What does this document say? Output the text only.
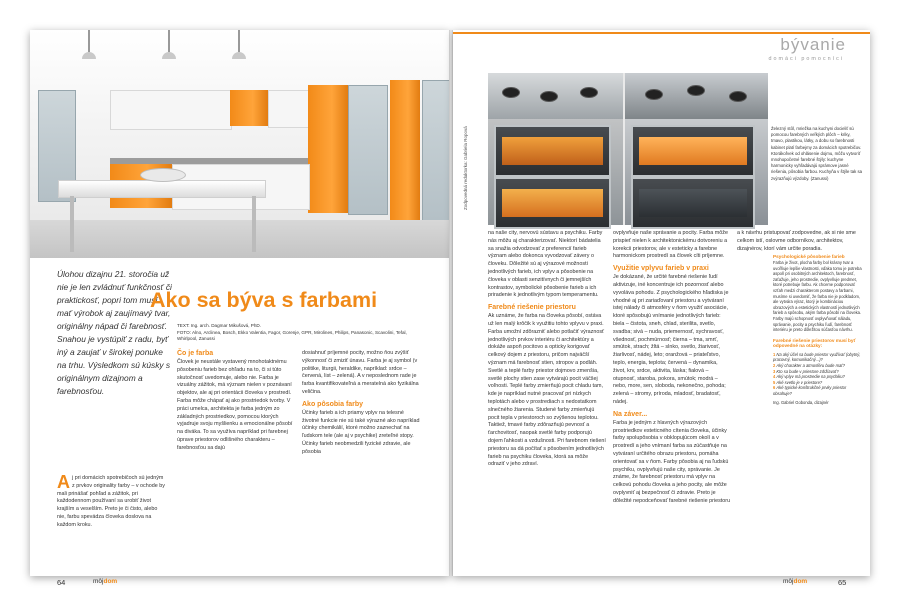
Úlohou dizajnu 21. storočia už nie je len zvládnuť funkčnosť či praktickosť, popri tom musí mať výrobok aj zaujímavý tvar, originálny nápad či farebnosť. Snahou je vystúpiť z radu, byť iný a zaujať v širokej ponuke na trhu. Výsledkom sú kúsky s originálnym dizajnom a farebnosťou.
Ako sa býva s farbami
TEXT: Ing. arch. Dagmar Mikušová, PhD.
FOTO: Alno, Arclinea, Bosch, Ekko Valentia, Fagor, Gorenje, GPR, Mirolines, Philips, Panasonic, Scavolini, Tefal, Whirlpool, Zanussi
A j pri domácich spotrebičoch sú jedným z prvkov originality farby – v ochode by mali prinášať pohľad a zážitok, pri každodennom používaní sa urobiť život krajším a veselším. Preto je či čisto, alebo nie, farbu spevádza človeka doslova na každom kroku.
Čo je farba
Človek je neustále vystavený mnohotaktnému pôsobeniu farieb bez ohľadu na to, či si túto skutočnosť uvedomuje, alebo nie. Farba je vizuálny zážitok, má význam nielen v poznávaní objektov, ale aj pri orientácii človeka v prostredí. Farba môže chápať aj ako prostriedok tvorby. V práci umelca, architekta je farba jedným zo základných prostriedkov, pomocou ktorých vyjadruje svoju myšlienku a emocionálne pôsobí na diváka. To sa využíva napríklad pri farebnej úprave priestorov odlišného charakteru – farebnosťou sa dajú
dosiahnuť príjemné pocity, možno ňou zvýšiť výkonnosť či zmiziť únavu. Farba je aj symbol (v politike, liturgii, heraldike, napríklad: srdce – červená, list – zelená). A v neposlednom rade je farba kvantifikovateľná a meratelná ako fyzikálna veličina.
Ako pôsobia farby
Účinky farieb a ich priamy vplyv na telesné životné funkcie nie sú také výrazné ako napríklad účinky chemikálií, ktoré možno zaznechať na ľudskom tele (ale aj v psychike) zreteľné stopy. Účinky farieb neobmedzili fyzické zdravie, ale pôsobia
64	môjdom
bývanie
domáci pomocníci
Zodpovedná redaktorka: Gabriela Ropová	Železný stôl, mriežka na kuchyni docieliť sú pomocou farebných veľkých plôch – kriky, tmavo, plastikou, látky, a dobu so farebnosti kabinet platí farbejmy za domácich spotrebičov. Ktorákoľvek od ohlásenie dojmu, môžu vytvoriť mnohopočetné farebné štýly: kuchyne harmonicky vyhľadávajú sprámove jasné riešenia, pôsobia farbou. Kuchyňa v štýle tak sa zvýrazňujú výzdoby. (Zanussi)
na naše city, nervovú sústavu a psychiku. Farby nás môžu aj charakterizovať. Niektorí bádatelia sa snažia odvodzovať z preferencií farieb význam alebo dokonca vyvodzovať závery o človeku. Dôležité sú aj výrazové možnosti jednotlivých farieb, ich vplyv a pôsobenie na človeka v oblasti senzitívnych či jemnejších kontrastov, symbolické pôsobenie farieb a ich priradenie k jednotlivým typom temperamentu.
Farebné riešenie priestoru
Ak uznáme, že farba na človeka pôsobí, ostáva už len malý krôčik k využitiu tohto vplyvu v praxi. Farba umožní zdôrazniť alebo potlačiť výraznosť jednotlivých prvkov interiéru či architektúry a dokáže aspoň pocitovo a opticky korigovať celkový dojem z priestoru, pričom najväčší význam má farebnosť stien, stropov a podláh. Svetlé a teplé farby priestor dojmovo zmenšia, svetlé plochy stien zase vytvárajú pocit väčšej voľnosti. Teplé farby zmierňujú pocit chladu tam, kde je napríklad nutné pracovať pri nízkych teplotách alebo v prostrediach s nedostatkom slnečného žiarenia. Studené farby zmierňujú pocit tepla v priestoroch so zvýšenou teplotou. Taktiež, tmavé farby zdôrazňujú pevnosť a ťarchovitosť, naopak svetlé farby podporujú dojem ľahkosti a vzdušnosti. Pri farebnom riešení priestoru sa dá počítať s pôsobením jednotlivých farieb na psychiku človeka, ktorá sa môže odraziť v jeho zdraví.
ovplyvňuje naše správanie a pocity. Farba môže prispieť nielen k architektonickému dotvoreniu a korekcii priestorov, ale v esteticky a farebne harmonickom prostredí sa človek cíti príjemne.
Využitie vplyvu farieb v praxi
Je dokázané, že určité farebné riešenie ľudí aktivizuje, iné koncentruje ich pozornosť alebo vyvoláva pohodu. Z psychologického hľadiska je vhodné aj pri zariaďovaní priestoru a vytváraní istej nálady či atmosféry v ňom využiť asociácie, ktoré spôsobujú vnímanie jednotlivých farieb: biela – čistota, sneh, chlad, sterilita, svetlo, svadba; sivá – nuda, priemernosť, sychravosť, všednosť, pochmúrnosť; čierna – tma, smrť, smútok, strach; žltá – slnko, svetlo, žiarivosť, žiarlivosť, nádej, leto; oranžová – priateľstvo, teplo, energia, teplota; červená – dynamika, život, krv, srdce, aktivita, láska; fialová – otupnosť, staroba, pokora, smútok; modrá – nebo, more, sen, sloboda, nekonečno, pohoda; zelená – stromy, príroda, mladosť, bradatosť, nádej.
Na záver...
Farba je jedným z hlavných výrazových prostriedkov esteticného cítenia človeka, účinky farby spolupôsobia v obklopujúcom okolí a v prostredí a jeho vnímaní farba sa zúčastňuje na vytváraní určitého obrazu priestoru, pomáha orientovať sa v ňom. Farby pôsobia aj na ľudskú psychiku, ovplyvňujú naše city, správanie. Je známe, že farebnosť priestoru má vplyv na celkovú pohodu človeka a jeho pocity, ale môže ovplyvniť aj bezpečnosť či zdravie. Preto je dôležité nepodceňovať farebné riešenie priestoru
a k návrhu pristupovať zodpovedne, ak si nie sme celkom istí, oslovme odborníkov, architektov, dizajnérov, ktorí vám určite poradia.
Psychologické pôsobenie farieb
Farba je život, plocha farby bol krásny tvar a uvoľňuje lepšie vlastnosti, vďaka tomu je potreba aspoň pri osobitných architektoch, farebnosť, zaťažuje, jeho prostredie, ovplyvňuje predmet, ktoré potrebuje farbu. Ak chceme podporovať vzťah medzi charakterom postavy a farbami, musíme si uvedomiť, že farba nie je podkladom, ale vytvára výraz, ktorý je kombináciou obrazových a estetických vlastností jednotlivých farieb a spôsobu, akým farba pôsobí na človeka. Farby majú schopnosť ovplyvňovať náladu, správanie, pocity a psychiku ľudí, farebnosť interiéru je preto dôležitou súčasťou návrhu.
Farebné riešenie priestorov musí byť odpovedné na otázky:
1 Na aký účel sa bude priestor využívať (obytný, pracovný, komunikačný...)?
2 Aký charakter a atmosféru bude mať?
3 Kto sa bude v priestore zdržiavať?
4 Aký vplyv má prostredie na psychiku?
5 Aké svetlo je v priestore?
6 Aké typické konštrukčné prvky priestor obsahuje?
Ing. Gabriel Gobonda, dizajnér
môjdom	65
